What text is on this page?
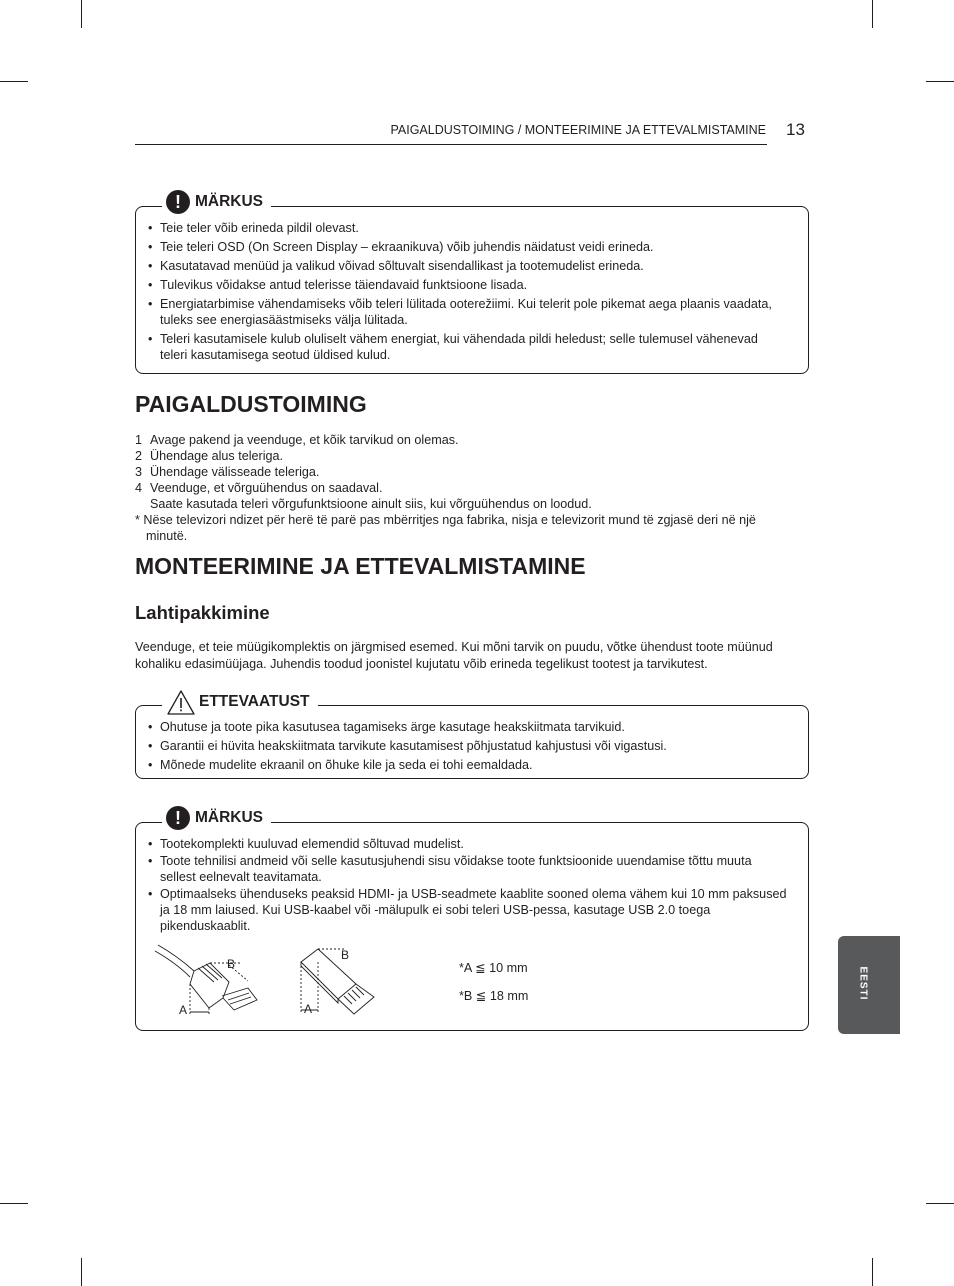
PAIGALDUSTOIMING / MONTEERIMINE JA ETTEVALMISTAMINE 13
• Teie teler võib erineda pildil olevast.
• Teie teleri OSD (On Screen Display – ekraanikuva) võib juhendis näidatust veidi erineda.
• Kasutatavad menüüd ja valikud võivad sõltuvalt sisendallikast ja tootemudelist erineda.
• Tulevikus võidakse antud telerisse täiendavaid funktsioone lisada.
• Energiatarbimise vähendamiseks võib teleri lülitada ooterežiimi. Kui telerit pole pikemat aega plaanis vaadata, tuleks see energiasäästmiseks välja lülitada.
• Teleri kasutamisele kulub oluliselt vähem energiat, kui vähendada pildi heledust; selle tulemusel vähenevad teleri kasutamisega seotud üldised kulud.
! MÄRKUS
PAIGALDUSTOIMING
1 Avage pakend ja veenduge, et kõik tarvikud on olemas.
2 Ühendage alus teleriga.
3 Ühendage välisseade teleriga.
4 Veenduge, et võrguühendus on saadaval.
Saate kasutada teleri võrgufunktsioone ainult siis, kui võrguühendus on loodud.
* Nëse televizori ndizet për herë të parë pas mbërritjes nga fabrika, nisja e televizorit mund të zgjasë deri në një
minutë.
MONTEERIMINE JA ETTEVALMISTAMINE
Lahtipakkimine
Veenduge, et teie müügikomplektis on järgmised esemed. Kui mõni tarvik on puudu, võtke ühendust toote müünud kohaliku edasimüüjaga. Juhendis toodud joonistel kujutatu võib erineda tegelikust tootest ja tarvikutest.
• Ohutuse ja toote pika kasutusea tagamiseks ärge kasutage heakskiitmata tarvikuid.
• Garantii ei hüvita heakskiitmata tarvikute kasutamisest põhjustatud kahjustusi või vigastusi.
• Mõnede mudelite ekraanil on õhuke kile ja seda ei tohi eemaldada.
ETTEVAATUST
• Tootekomplekti kuuluvad elemendid sõltuvad mudelist.
• Toote tehnilisi andmeid või selle kasutusjuhendi sisu võidakse toote funktsioonide uuendamise tõttu muuta sellest eelnevalt teavitamata.
• Optimaalseks ühenduseks peaksid HDMI- ja USB-seadmete kaablite sooned olema vähem kui 10 mm paksused ja 18 mm laiused. Kui USB-kaabel või -mälupulk ei sobi teleri USB-pessa, kasutage USB 2.0 toega pikenduskaablit.
! MÄRKUS
B
A
B
A
*A ≦ 10 mm
*B ≦ 18 mm	EESTI
